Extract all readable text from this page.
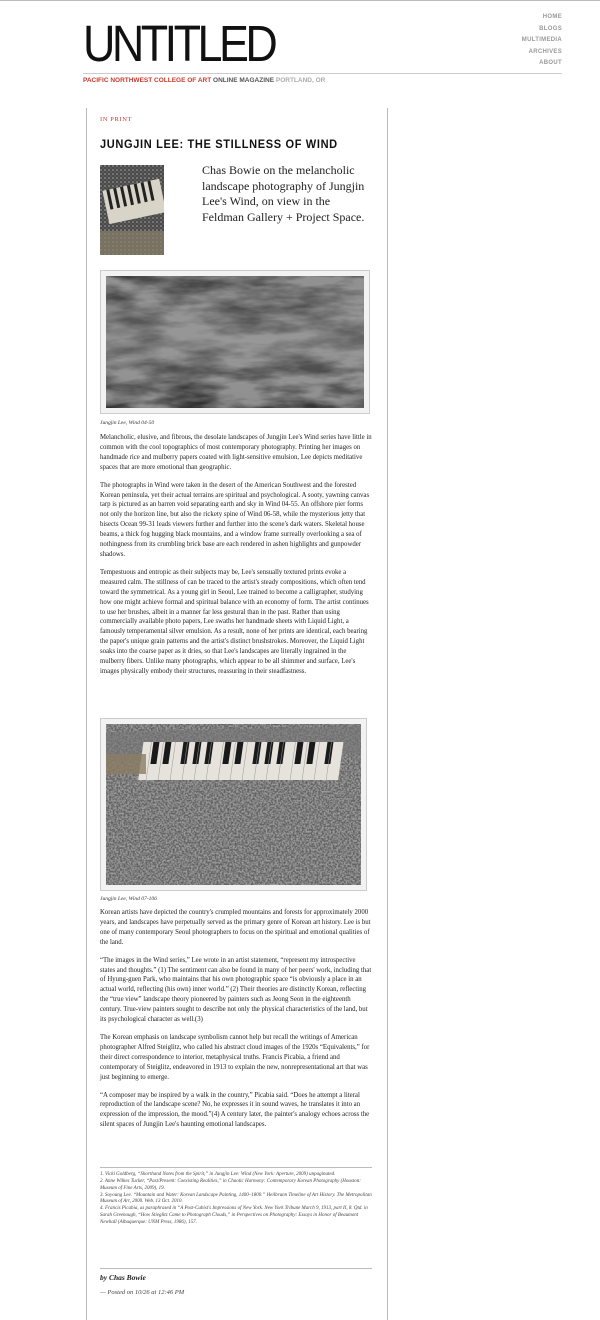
UNTITLED	HOME
BLOGS
MULTIMEDIA
ARCHIVES
ABOUT
PACIFIC NORTHWEST COLLEGE OF ART ONLINE MAGAZINE PORTLAND, OR
IN PRINT
JUNGJIN LEE: THE STILLNESS OF WIND
Chas Bowie on the melancholic landscape photography of Jungjin Lee's Wind, on view in the Feldman Gallery + Project Space.
Jungjin Lee, Wind 04-50

Melancholic, elusive, and fibrous, the desolate landscapes of Jungjin Lee's Wind series have little in common with the cool topographics of most contemporary photography. Printing her images on handmade rice and mulberry papers coated with light-sensitive emulsion, Lee depicts meditative spaces that are more emotional than geographic.

The photographs in Wind were taken in the desert of the American Southwest and the forested Korean peninsula, yet their actual terrains are spiritual and psychological. A sooty, yawning canvas tarp is pictured as an barren void separating earth and sky in Wind 04-55. An offshore pier forms not only the horizon line, but also the rickety spine of Wind 06-58, while the mysterious jetty that bisects Ocean 99-31 leads viewers further and further into the scene's dark waters. Skeletal house beams, a thick fog hugging black mountains, and a window frame surreally overlooking a sea of nothingness from its crumbling brick base are each rendered in ashen highlights and gunpowder shadows.

Tempestuous and entropic as their subjects may be, Lee's sensually textured prints evoke a measured calm. The stillness of can be traced to the artist's steady compositions, which often tend toward the symmetrical. As a young girl in Seoul, Lee trained to become a calligrapher, studying how one might achieve formal and spiritual balance with an economy of form. The artist continues to use her brushes, albeit in a manner far less gestural than in the past. Rather than using commercially available photo papers, Lee swaths her handmade sheets with Liquid Light, a famously temperamental silver emulsion. As a result, none of her prints are identical, each bearing the paper's unique grain patterns and the artist's distinct brushstrokes. Moreover, the Liquid Light soaks into the coarse paper as it dries, so that Lee's landscapes are literally ingrained in the mulberry fibers. Unlike many photographs, which appear to be all shimmer and surface, Lee's images physically embody their structures, reassuring in their steadfastness.

Jungjin Lee, Wind 07-106

Korean artists have depicted the country's crumpled mountains and forests for approximately 2000 years, and landscapes have perpetually served as the primary genre of Korean art history. Lee is but one of many contemporary Seoul photographers to focus on the spiritual and emotional qualities of the land.

“The images in the Wind series,” Lee wrote in an artist statement, “represent my introspective states and thoughts.” (1) The sentiment can also be found in many of her peers' work, including that of Hyung-guen Park, who maintains that his own photographic space “is obviously a place in an actual world, reflecting (his own) inner world.” (2) Their theories are distinctly Korean, reflecting the “true view” landscape theory pioneered by painters such as Jeong Seon in the eighteenth century. True-view painters sought to describe not only the physical characteristics of the land, but its psychological character as well.(3)

The Korean emphasis on landscape symbolism cannot help but recall the writings of American photographer Alfred Steiglitz, who called his abstract cloud images of the 1920s “Equivalents,” for their direct correspondence to interior, metaphysical truths. Francis Picabia, a friend and contemporary of Steiglitz, endeavored in 1913 to explain the new, nonrepresentational art that was just beginning to emerge.

“A composer may be inspired by a walk in the country,” Picabia said. “Does he attempt a literal reproduction of the landscape scene? No, he expresses it in sound waves, he translates it into an expression of the impression, the mood.”(4) A century later, the painter's analogy echoes across the silent spaces of Jungjin Lee's haunting emotional landscapes.

1. Vicki Goldberg, “Shorthand Notes from the Spirit,” in Jungjin Lee: Wind (New York: Aperture, 2009) unpaginated.
2. Anne Wilkes Tucker, “Past/Present: Coexisting Realities,” in Chaotic Harmony: Contemporary Korean Photography (Houston: Museum of Fine Arts, 2009), 19.
3. Soyoung Lee. “Mountain and Water: Korean Landscape Painting, 1400–1800.” Heilbrunn Timeline of Art History. The Metropolitan Museum of Art, 2000. Web. 13 Oct. 2010.
4. Francis Picabia, as paraphrased in “A Post-Cubist's Impressions of New York. New York Tribune March 9, 1913, part II, 8. Qtd. in Sarah Greenough, “How Stieglitz Came to Photograph Clouds,” in Perspectives on Photography: Essays in Honor of Beaumont Newhall (Albuquerque: UNM Press, 1986), 157.
by Chas Bowie
— Posted on 10/26 at 12:46 PM
